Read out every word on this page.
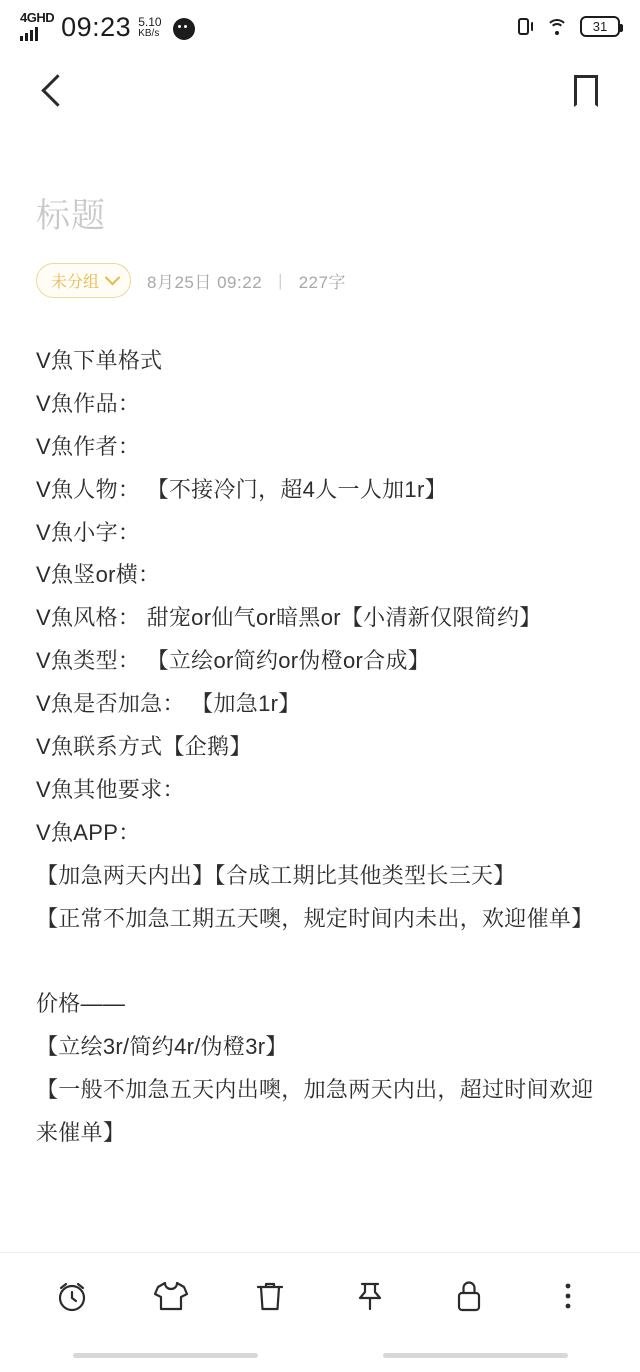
4GHD 09:23 5.10
KB/s	31
标题
未分组	8月25日 09:22 | 227字

V魚下单格式

V魚作品：

V魚作者：

V魚人物： 【不接冷门，超4人一人加1r】

V魚小字：

V魚竖or横：

V魚风格： 甜宠or仙气or暗黑or【小清新仅限简约】

V魚类型： 【立绘or简约or伪橙or合成】

V魚是否加急： 【加急1r】

V魚联系方式【企鹅】

V魚其他要求：

V魚APP：

【加急两天内出】【合成工期比其他类型长三天】

【正常不加急工期五天噢，规定时间内未出，欢迎催单】

价格——

【立绘3r/简约4r/伪橙3r】

【一般不加急五天内出噢，加急两天内出，超过时间欢迎来催单】
